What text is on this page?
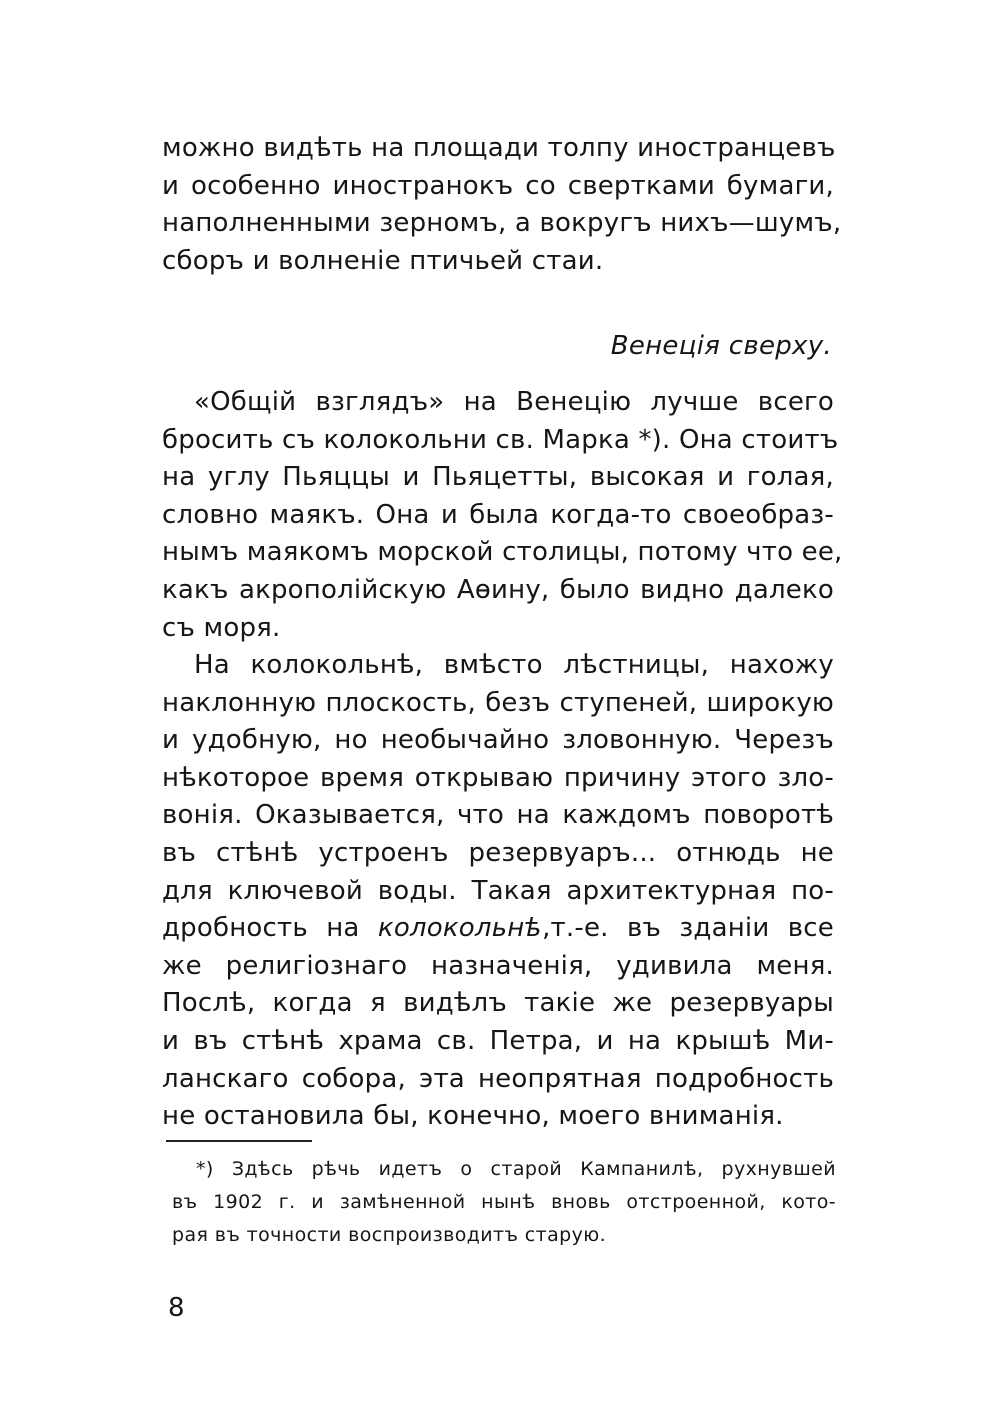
можно видѣть на площади толпу иностранцевъ
и особенно иностранокъ со свертками бумаги,
наполненными зерномъ, а вокругъ нихъ—шумъ,
сборъ и волненіе птичьей стаи.
Венеція сверху.
«Общій взглядъ» на Венецію лучше всего
бросить съ колокольни св. Марка *). Она стоитъ
на углу Пьяццы и Пьяцетты, высокая и голая,
словно маякъ. Она и была когда-то своеобраз-
нымъ маякомъ морской столицы, потому что ее,
какъ акрополійскую Аѳину, было видно далеко
съ моря.
На колокольнѣ, вмѣсто лѣстницы, нахожу
наклонную плоскость, безъ ступеней, широкую
и удобную, но необычайно зловонную. Черезъ
нѣкоторое время открываю причину этого зло-
вонія. Оказывается, что на каждомъ поворотѣ
въ стѣнѣ устроенъ резервуаръ... отнюдь не
для ключевой воды. Такая архитектурная по-
дробность на колокольнѣ,т.-е. въ зданіи все
же религіознаго назначенія, удивила меня.
Послѣ, когда я видѣлъ такіе же резервуары
и въ стѣнѣ храма св. Петра, и на крышѣ Ми-
ланскаго собора, эта неопрятная подробность
не остановила бы, конечно, моего вниманія.
*) Здѣсь рѣчь идетъ о старой Кампанилѣ, рухнувшей
въ 1902 г. и замѣненной нынѣ вновь отстроенной, кото-
рая въ точности воспроизводитъ старую.
8
